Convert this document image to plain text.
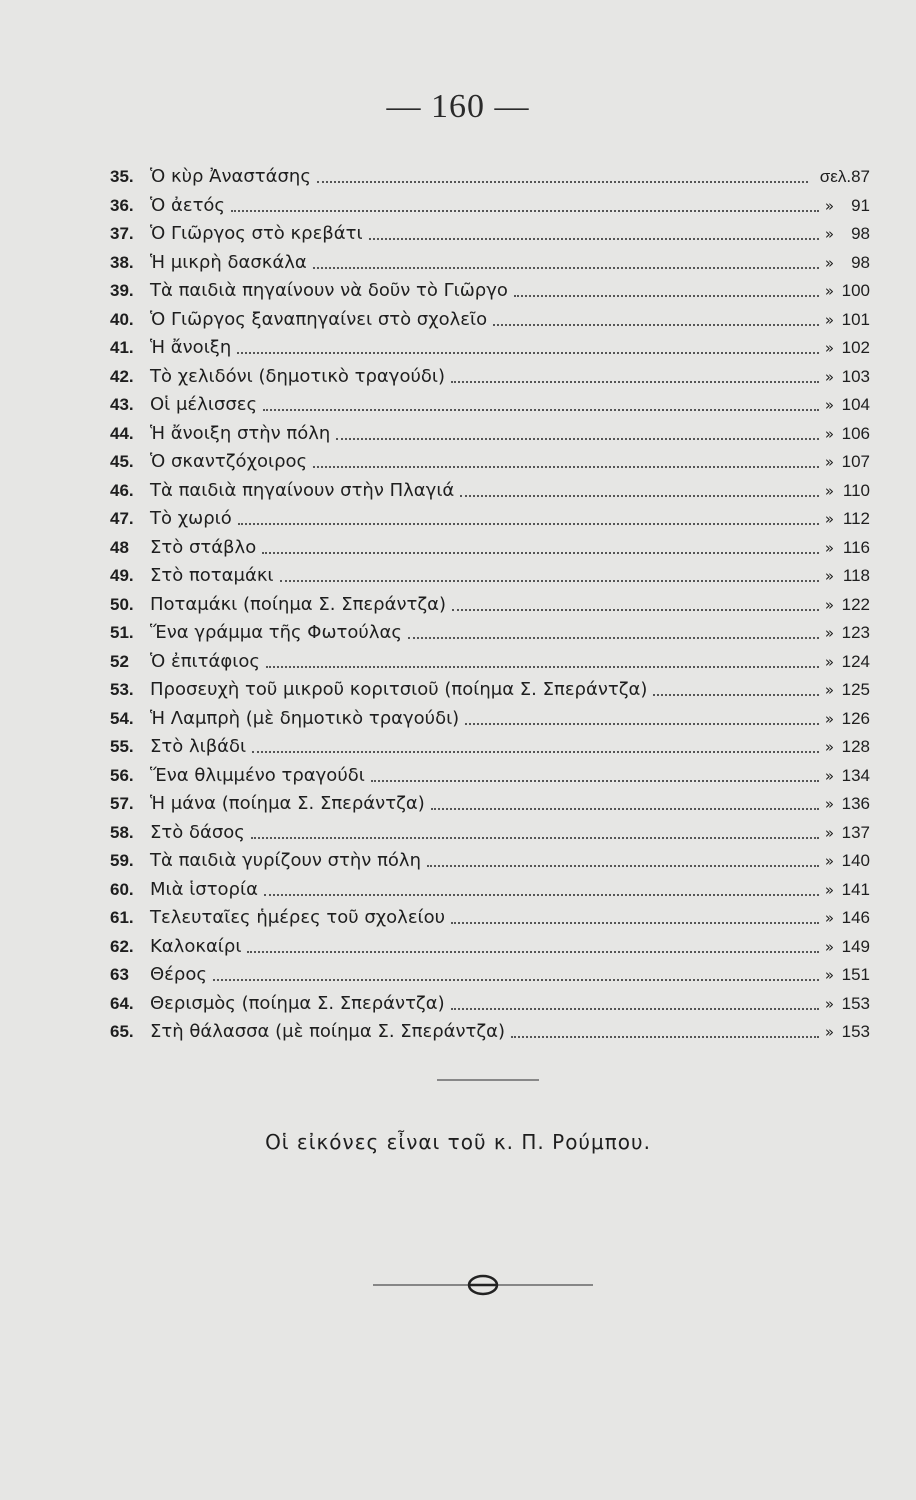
— 160 —
35. Ὁ κὺρ Ἀναστάσης	σελ.87
36. Ὁ ἀετός	»	91
37. Ὁ Γιῶργος στὸ κρεβάτι	»	98
38. Ἡ μικρὴ δασκάλα	»	98
39. Τὰ παιδιὰ πηγαίνουν νὰ δοῦν τὸ Γιῶργο	» 100
40. Ὁ Γιῶργος ξαναπηγαίνει στὸ σχολεῖο	» 101
41. Ἡ ἄνοιξη	» 102
42. Τὸ χελιδόνι (δημοτικὸ τραγούδι)	» 103
43. Οἱ μέλισσες	» 104
44. Ἡ ἄνοιξη στὴν πόλη	» 106
45. Ὁ σκαντζόχοιρος	» 107
46. Τὰ παιδιὰ πηγαίνουν στὴν Πλαγιά	» 110
47. Τὸ χωριό	» 112
48	Στὸ στάβλο	» 116
49. Στὸ ποταμάκι	» 118
50. Ποταμάκι (ποίημα Σ. Σπεράντζα)	» 122
51. Ἕνα γράμμα τῆς Φωτούλας	» 123
52	Ὁ ἐπιτάφιος	» 124
53. Προσευχὴ τοῦ μικροῦ κοριτσιοῦ (ποίημα Σ. Σπεράντζα)	» 125
54. Ἡ Λαμπρὴ (μὲ δημοτικὸ τραγούδι)	» 126
55. Στὸ λιβάδι	» 128
56. Ἕνα θλιμμένο τραγούδι	» 134
57. Ἡ μάνα (ποίημα Σ. Σπεράντζα)	» 136
58. Στὸ δάσος	» 137
59. Τὰ παιδιὰ γυρίζουν στὴν πόλη	» 140
60. Μιὰ ἱστορία	» 141
61. Τελευταῖες ἡμέρες τοῦ σχολείου	» 146
62. Καλοκαίρι	» 149
63	Θέρος	» 151
64. Θερισμὸς (ποίημα Σ. Σπεράντζα)	» 153
65. Στὴ θάλασσα (μὲ ποίημα Σ. Σπεράντζα)	» 153
Οἱ εἰκόνες εἶναι τοῦ κ. Π. Ρούμπου.
